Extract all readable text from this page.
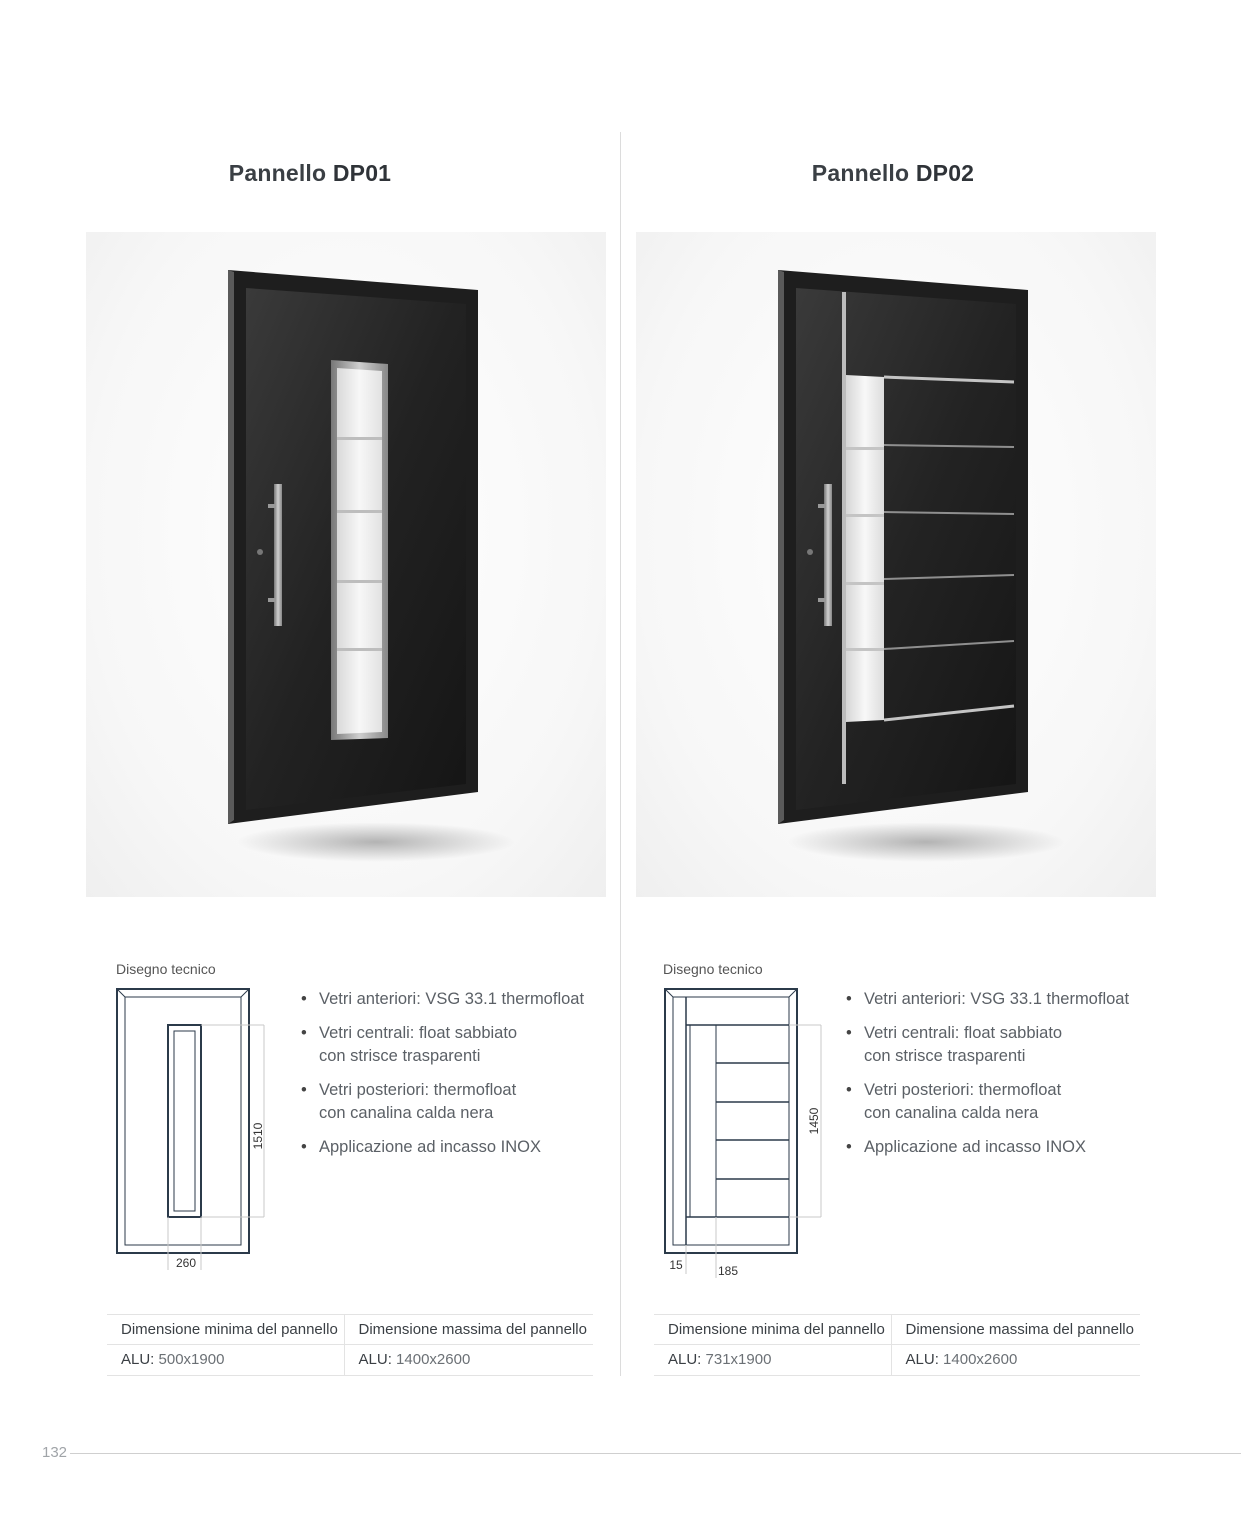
Pannello DP01
Disegno tecnico
1510
260
• Vetri anteriori: VSG 33.1 thermofloat
• Vetri centrali: float sabbiato con strisce trasparenti
• Vetri posteriori: thermofloat con canalina calda nera
• Applicazione ad incasso INOX
Dimensione minima del pannello	Dimensione massima del pannello
ALU: 500x1900	ALU: 1400x2600
Pannello DP02
Disegno tecnico
1450
15	185
• Vetri anteriori: VSG 33.1 thermofloat
• Vetri centrali: float sabbiato con strisce trasparenti
• Vetri posteriori: thermofloat con canalina calda nera
• Applicazione ad incasso INOX
Dimensione minima del pannello	Dimensione massima del pannello
ALU: 731x1900	ALU: 1400x2600
132
